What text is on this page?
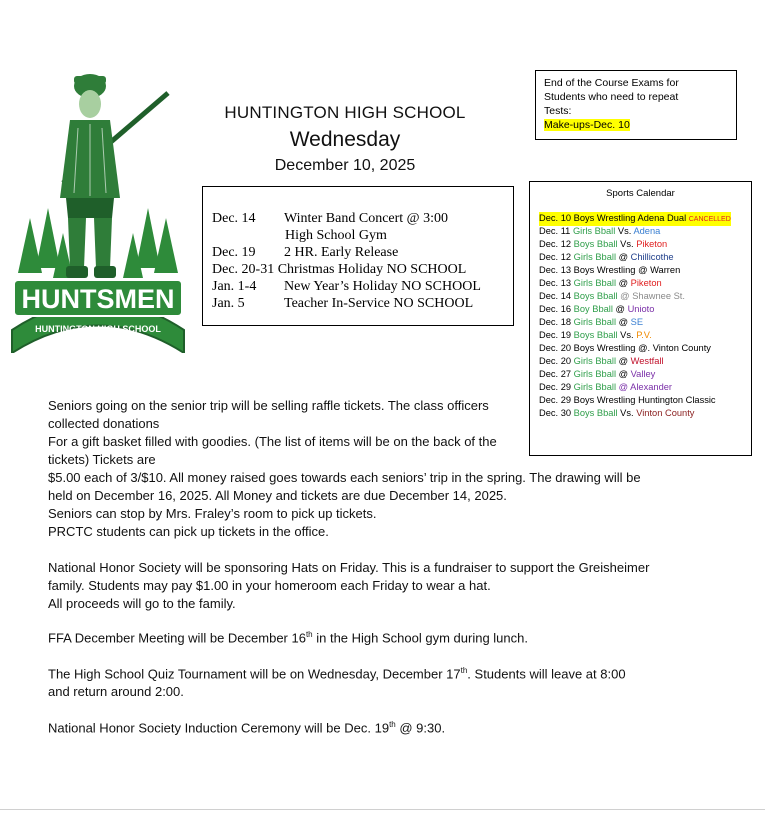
HUNTSMEN
HUNTINGTON HIGH SCHOOL
HUNTINGTON HIGH SCHOOL
Wednesday
December 10, 2025
End of the Course Exams for
Students who need to repeat
Tests:
Make-ups-Dec. 10
Dec. 14 Winter Band Concert @ 3:00
High School Gym
Dec. 19 2 HR. Early Release
Dec. 20-31 Christmas Holiday NO SCHOOL
Jan. 1-4 New Year’s Holiday NO SCHOOL
Jan. 5	Teacher In-Service NO SCHOOL
Sports Calendar
Dec. 10 Boys Wrestling Adena Dual CANCELLED
Dec. 11 Girls Bball Vs. Adena
Dec. 12 Boys Bball Vs. Piketon
Dec. 12 Girls Bball @ Chillicothe
Dec. 13 Boys Wrestling @ Warren
Dec. 13 Girls Bball @ Piketon
Dec. 14 Boys Bball @ Shawnee St.
Dec. 16 Boy Bball @ Unioto
Dec. 18 Girls Bball @ SE
Dec. 19 Boys Bball Vs. P.V.
Dec. 20 Boys Wrestling @. Vinton County
Dec. 20 Girls Bball @ Westfall
Dec. 27 Girls Bball @ Valley
Dec. 29 Girls Bball @ Alexander
Dec. 29 Boys Wrestling Huntington Classic
Dec. 30 Boys Bball Vs. Vinton County
Seniors going on the senior trip will be selling raffle tickets. The class officers
collected donations
For a gift basket filled with goodies. (The list of items will be on the back of the
tickets) Tickets are
$5.00 each of 3/$10. All money raised goes towards each seniors’ trip in the spring. The drawing will be
held on December 16, 2025. All Money and tickets are due December 14, 2025.
Seniors can stop by Mrs. Fraley’s room to pick up tickets.
PRCTC students can pick up tickets in the office.
National Honor Society will be sponsoring Hats on Friday. This is a fundraiser to support the Greisheimer
family. Students may pay $1.00 in your homeroom each Friday to wear a hat.
All proceeds will go to the family.
FFA December Meeting will be December 16th in the High School gym during lunch.
The High School Quiz Tournament will be on Wednesday, December 17th. Students will leave at 8:00
and return around 2:00.
National Honor Society Induction Ceremony will be Dec. 19th @ 9:30.
